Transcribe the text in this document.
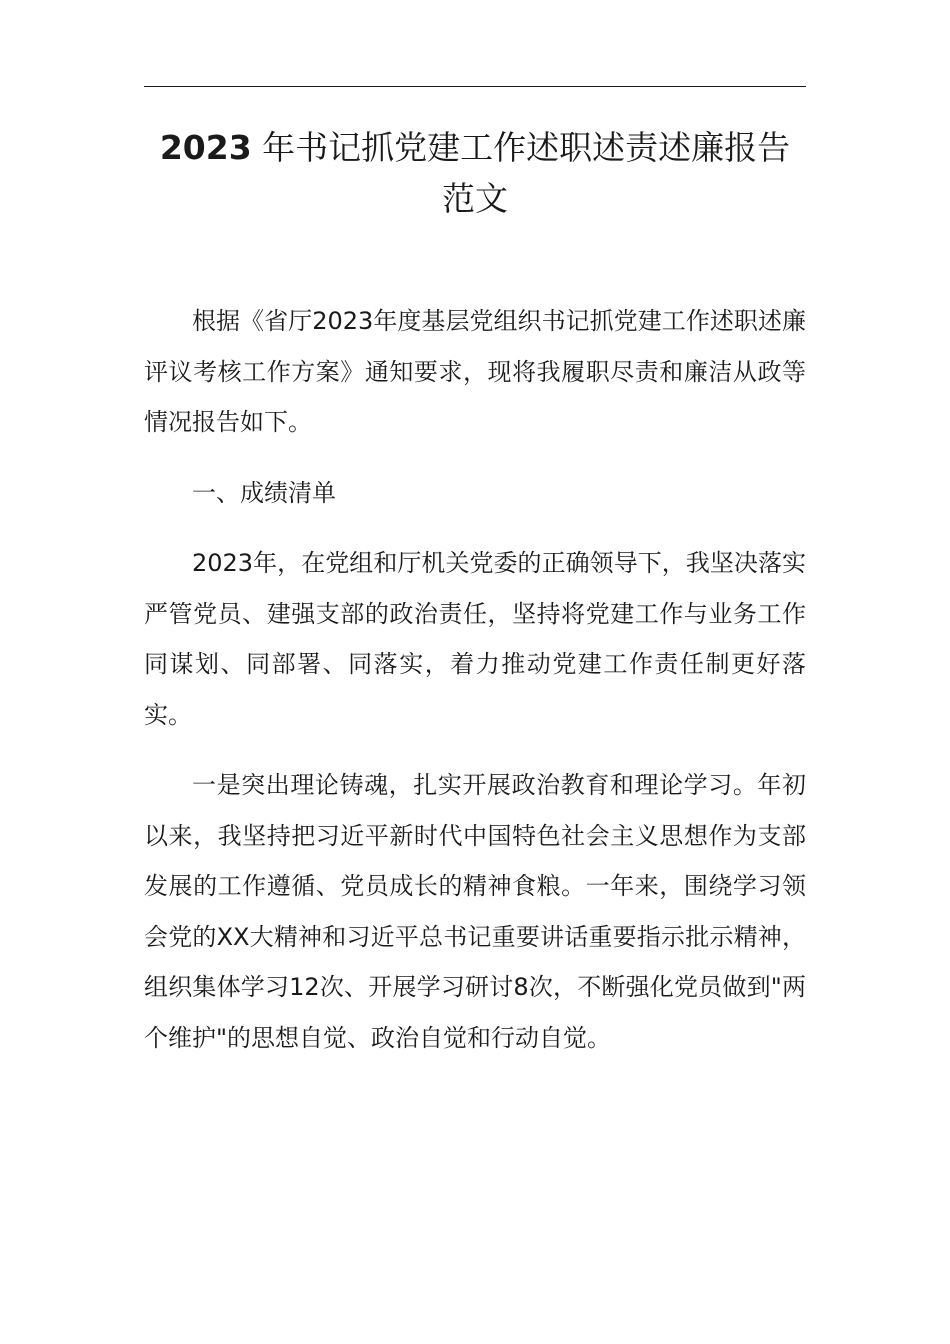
2023 年书记抓党建工作述职述责述廉报告范文

根据《省厅2023年度基层党组织书记抓党建工作述职述廉评议考核工作方案》通知要求，现将我履职尽责和廉洁从政等情况报告如下。

一、成绩清单

2023年，在党组和厅机关党委的正确领导下，我坚决落实严管党员、建强支部的政治责任，坚持将党建工作与业务工作同谋划、同部署、同落实，着力推动党建工作责任制更好落实。

一是突出理论铸魂，扎实开展政治教育和理论学习。年初以来，我坚持把习近平新时代中国特色社会主义思想作为支部发展的工作遵循、党员成长的精神食粮。一年来，围绕学习领会党的XX大精神和习近平总书记重要讲话重要指示批示精神，组织集体学习12次、开展学习研讨8次，不断强化党员做到"两个维护"的思想自觉、政治自觉和行动自觉。
